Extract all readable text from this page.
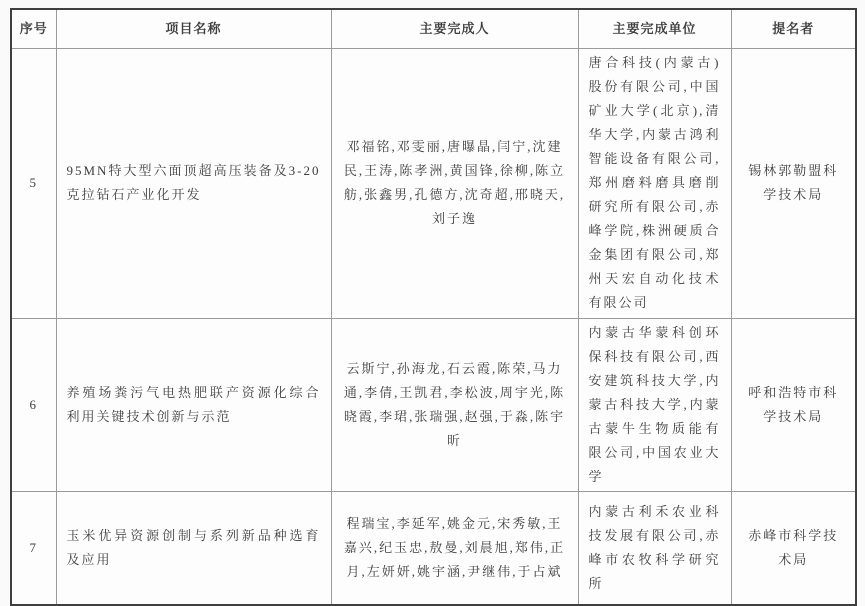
序号	项目名称	主要完成人	主要完成单位	提名者
5	95MN特大型六面顶超高压装备及3-20克拉钻石产业化开发	邓福铭,邓雯丽,唐曝晶,闫宁,沈建民,王涛,陈孝洲,黄国锋,徐柳,陈立舫,张鑫男,孔德方,沈奇超,邢晓天,刘子逸	唐合科技(内蒙古)股份有限公司,中国矿业大学(北京),清华大学,内蒙古鸿利智能设备有限公司,郑州磨料磨具磨削研究所有限公司,赤峰学院,株洲硬质合金集团有限公司,郑州天宏自动化技术有限公司	锡林郭勒盟科学技术局
6	养殖场粪污气电热肥联产资源化综合利用关键技术创新与示范	云斯宁,孙海龙,石云霞,陈荣,马力通,李倩,王凯君,李松波,周宇光,陈晓霞,李珺,张瑞强,赵强,于淼,陈宇昕	内蒙古华蒙科创环保科技有限公司,西安建筑科技大学,内蒙古科技大学,内蒙古蒙牛生物质能有限公司,中国农业大学	呼和浩特市科学技术局
7	玉米优异资源创制与系列新品种选育及应用	程瑞宝,李延军,姚金元,宋秀敏,王嘉兴,纪玉忠,敖曼,刘晨旭,郑伟,正月,左妍妍,姚宇涵,尹继伟,于占斌	内蒙古利禾农业科技发展有限公司,赤峰市农牧科学研究所	赤峰市科学技术局
